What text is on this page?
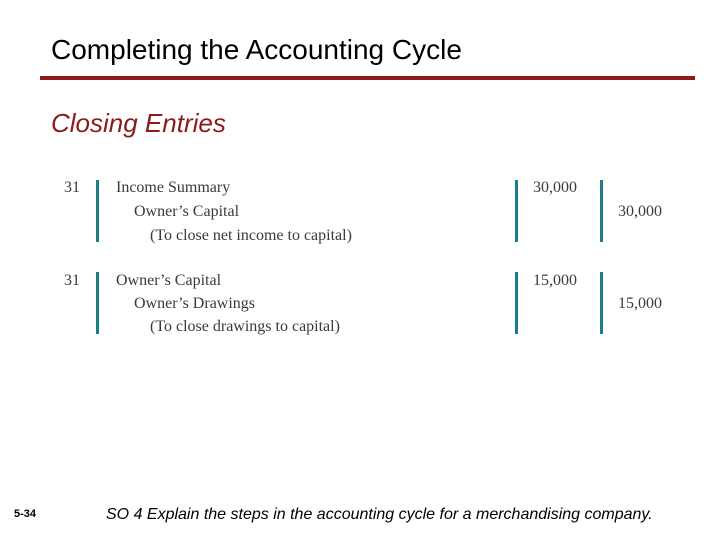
Completing the Accounting Cycle
Closing Entries
31 Income Summary
Owner’s Capital
(To close net income to capital)
30,000
30,000
31 Owner’s Capital
Owner’s Drawings
(To close drawings to capital)
15,000
15,000
5-34	SO 4 Explain the steps in the accounting cycle for a merchandising company.
